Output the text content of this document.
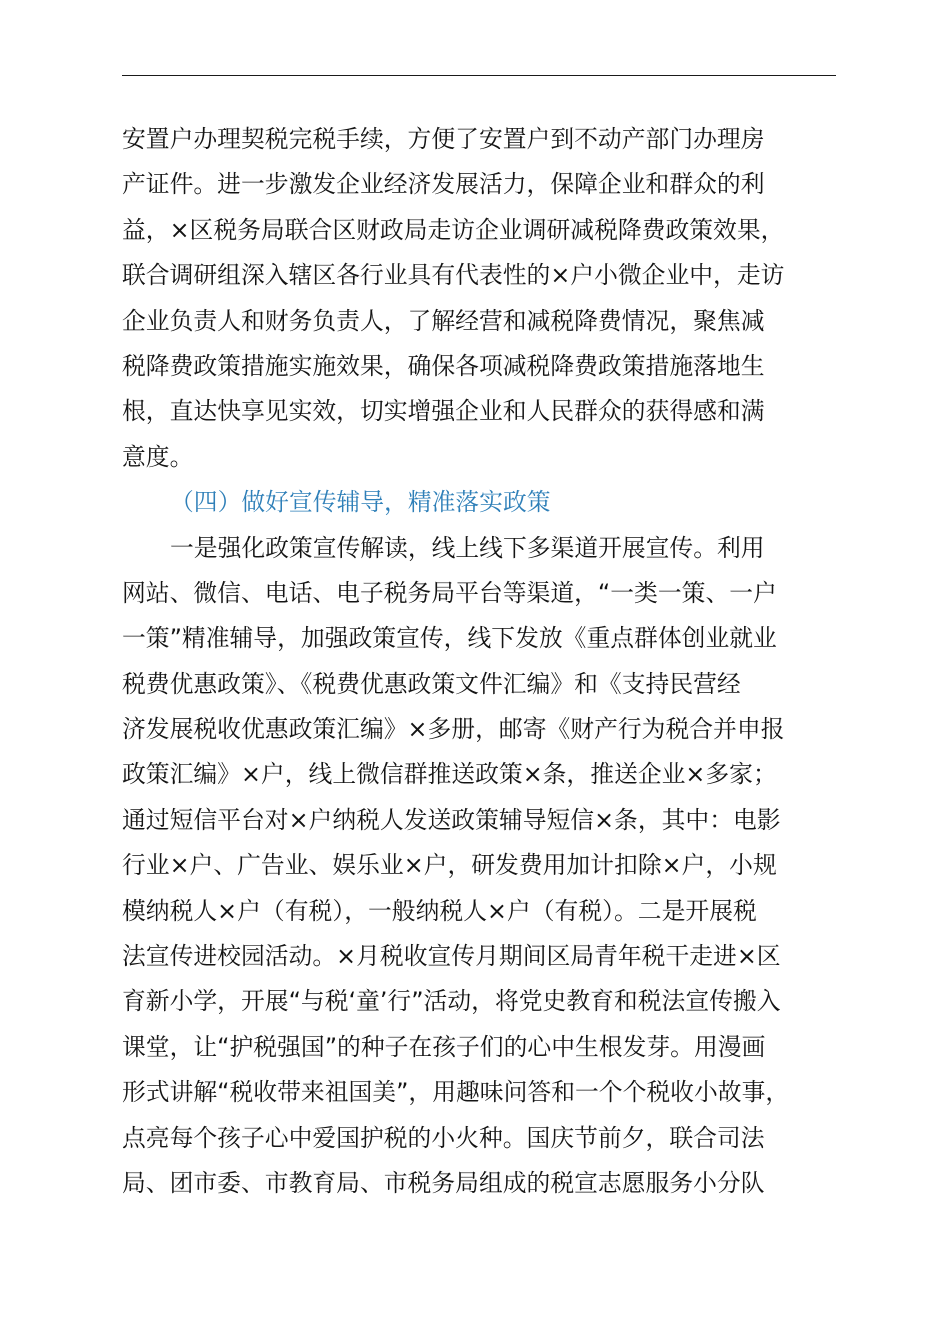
安置户办理契税完税手续，方便了安置户到不动产部门办理房
产证件。进一步激发企业经济发展活力，保障企业和群众的利
益，×区税务局联合区财政局走访企业调研减税降费政策效果，
联合调研组深入辖区各行业具有代表性的×户小微企业中，走访
企业负责人和财务负责人，了解经营和减税降费情况，聚焦减
税降费政策措施实施效果，确保各项减税降费政策措施落地生
根，直达快享见实效，切实增强企业和人民群众的获得感和满
意度。
（四）做好宣传辅导，精准落实政策
一是强化政策宣传解读，线上线下多渠道开展宣传。利用
网站、微信、电话、电子税务局平台等渠道，“一类一策、一户
一策”精准辅导，加强政策宣传，线下发放《重点群体创业就业
税费优惠政策》、《税费优惠政策文件汇编》和《支持民营经
济发展税收优惠政策汇编》×多册，邮寄《财产行为税合并申报
政策汇编》×户，线上微信群推送政策×条，推送企业×多家；
通过短信平台对×户纳税人发送政策辅导短信×条，其中：电影
行业×户、广告业、娱乐业×户，研发费用加计扣除×户，小规
模纳税人×户（有税），一般纳税人×户（有税）。二是开展税
法宣传进校园活动。×月税收宣传月期间区局青年税干走进×区
育新小学，开展“与税‘童’行”活动，将党史教育和税法宣传搬入
课堂，让“护税强国”的种子在孩子们的心中生根发芽。用漫画
形式讲解“税收带来祖国美”，用趣味问答和一个个税收小故事，
点亮每个孩子心中爱国护税的小火种。国庆节前夕，联合司法
局、团市委、市教育局、市税务局组成的税宣志愿服务小分队
